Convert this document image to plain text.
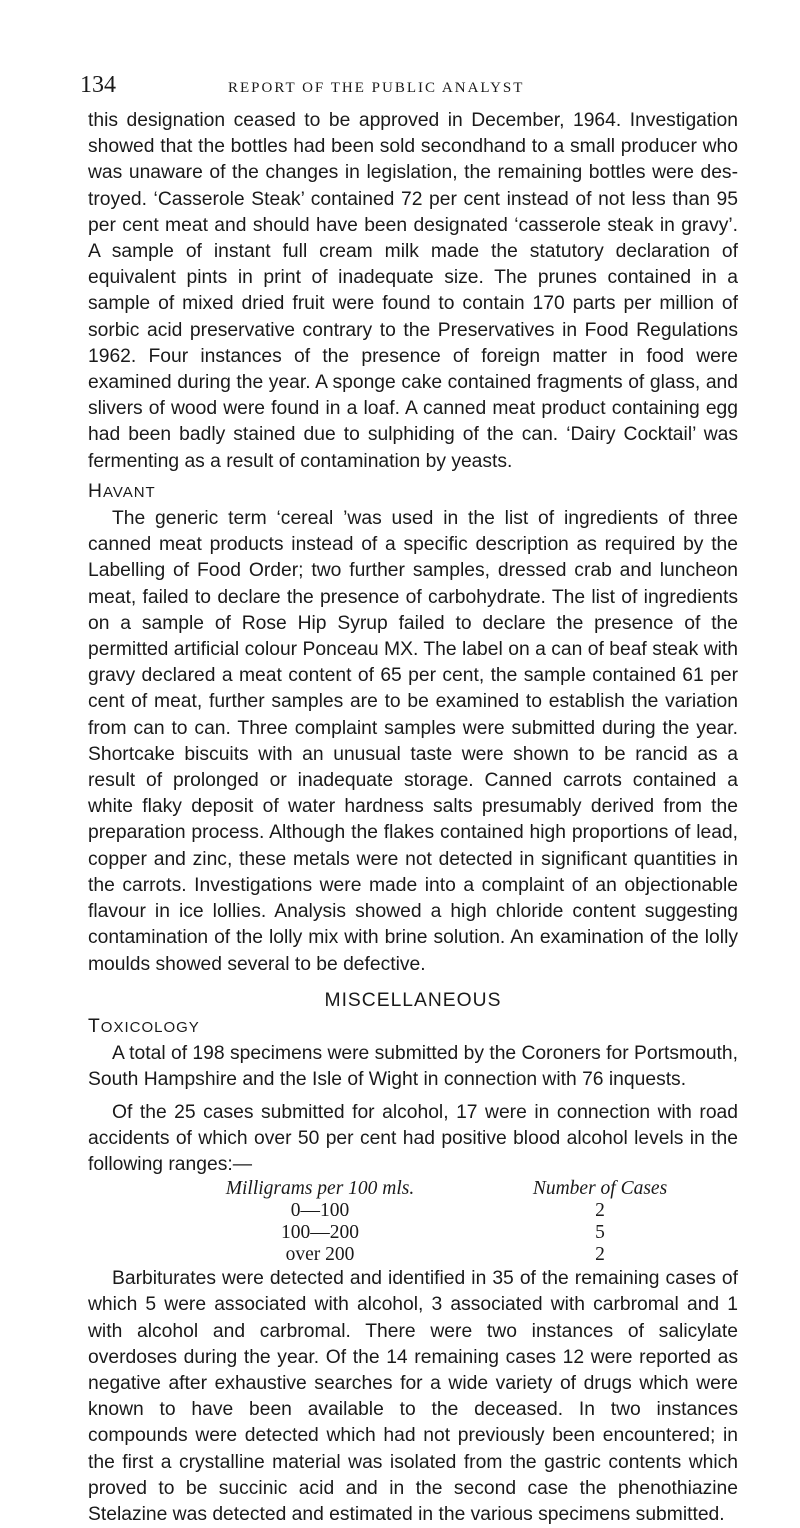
134	REPORT OF THE PUBLIC ANALYST

this designation ceased to be approved in December, 1964. Investigation showed that the bottles had been sold secondhand to a small producer who was unaware of the changes in legislation, the remaining bottles were destroyed. ‘Casserole Steak’ contained 72 per cent instead of not less than 95 per cent meat and should have been designated ‘casserole steak in gravy’. A sample of instant full cream milk made the statutory declaration of equivalent pints in print of inadequate size. The prunes contained in a sample of mixed dried fruit were found to contain 170 parts per million of sorbic acid preservative contrary to the Preservatives in Food Regulations 1962. Four instances of the presence of foreign matter in food were examined during the year. A sponge cake contained fragments of glass, and slivers of wood were found in a loaf. A canned meat product containing egg had been badly stained due to sulphiding of the can. ‘Dairy Cocktail’ was fermenting as a result of contamination by yeasts.

HAVANT

The generic term ‘cereal ’was used in the list of ingredients of three canned meat products instead of a specific description as required by the Labelling of Food Order; two further samples, dressed crab and luncheon meat, failed to declare the presence of carbohydrate. The list of ingredients on a sample of Rose Hip Syrup failed to declare the presence of the permitted artificial colour Ponceau MX. The label on a can of beaf steak with gravy declared a meat content of 65 per cent, the sample contained 61 per cent of meat, further samples are to be examined to establish the variation from can to can. Three complaint samples were submitted during the year. Shortcake biscuits with an unusual taste were shown to be rancid as a result of prolonged or inadequate storage. Canned carrots contained a white flaky deposit of water hardness salts presumably derived from the preparation process. Although the flakes contained high proportions of lead, copper and zinc, these metals were not detected in significant quantities in the carrots. Investigations were made into a complaint of an objectionable flavour in ice lollies. Analysis showed a high chloride content suggesting contamination of the lolly mix with brine solution. An examination of the lolly moulds showed several to be defective.

MISCELLANEOUS
TOXICOLOGY

A total of 198 specimens were submitted by the Coroners for Portsmouth, South Hampshire and the Isle of Wight in connection with 76 inquests.

Of the 25 cases submitted for alcohol, 17 were in connection with road accidents of which over 50 per cent had positive blood alcohol levels in the following ranges:—

Milligrams per 100 mls.	Number of Cases
0—100	2
100—200	5
over 200	2

Barbiturates were detected and identified in 35 of the remaining cases of which 5 were associated with alcohol, 3 associated with carbromal and 1 with alcohol and carbromal. There were two instances of salicylate overdoses during the year. Of the 14 remaining cases 12 were reported as negative after exhaustive searches for a wide variety of drugs which were known to have been available to the deceased. In two instances compounds were detected which had not previously been encountered; in the first a crystalline material was isolated from the gastric contents which proved to be succinic acid and in the second case the phenothiazine Stelazine was detected and estimated in the various specimens submitted.
